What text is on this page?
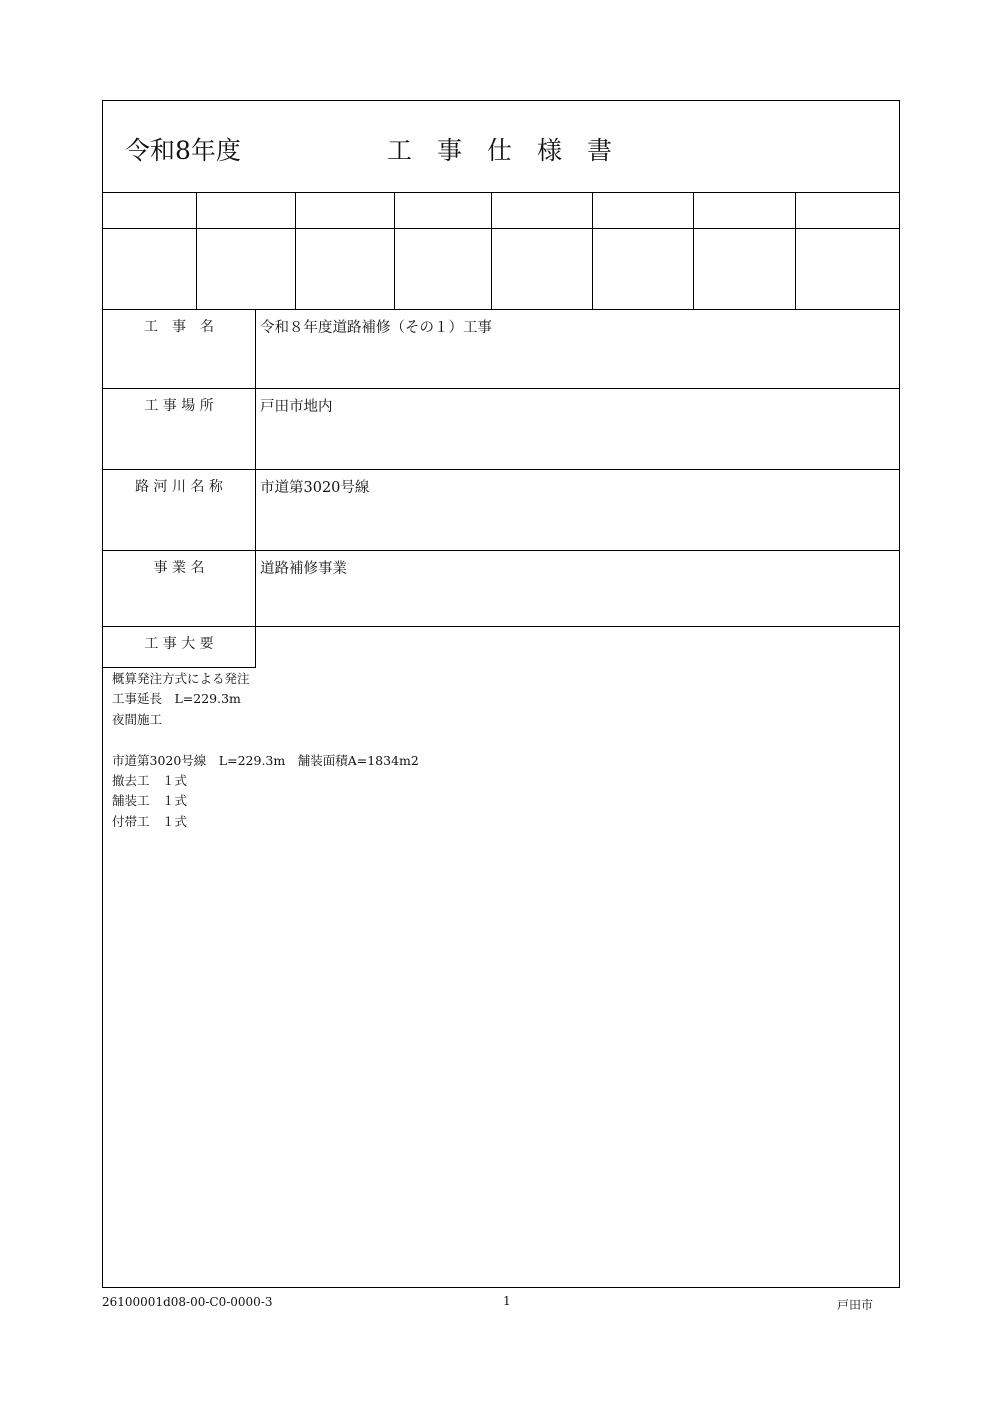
令和8年度	工　事　仕　様　書
工　事　名	令和８年度道路補修（その１）工事
工 事 場 所	戸田市地内
路 河 川 名 称	市道第3020号線
事 業 名	道路補修事業
工 事 大 要
概算発注方式による発注
工事延長　L=229.3m
夜間施工
市道第3020号線　L=229.3m　舗装面積A=1834m2
撤去工　１式
舗装工　１式
付帯工　１式
26100001d08-00-C0-0000-3	1	戸田市
